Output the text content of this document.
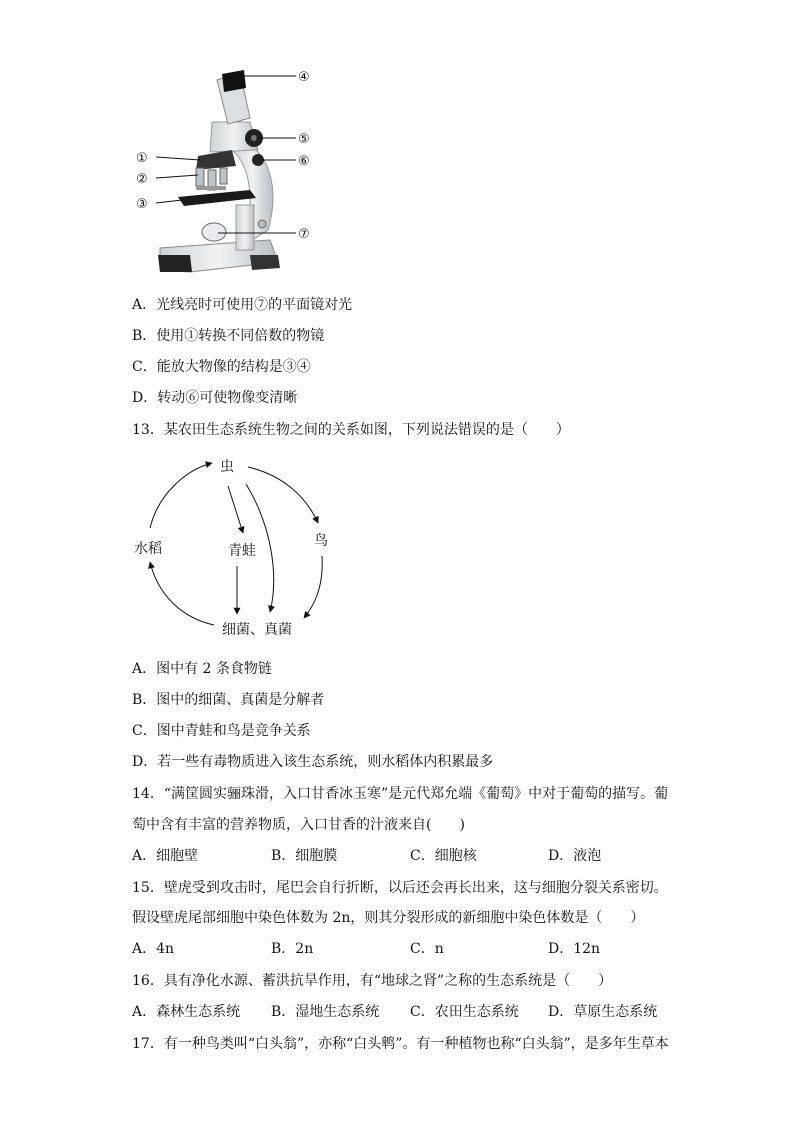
①
②
③
④
⑤
⑥
⑦
虫
水稻	青蛙
鸟
细菌、真菌
A．光线亮时可使用⑦的平面镜对光
B．使用①转换不同倍数的物镜
C．能放大物像的结构是③④
D．转动⑥可使物像变清晰
13．某农田生态系统生物之间的关系如图，下列说法错误的是（　　）
A．图中有 2 条食物链
B．图中的细菌、真菌是分解者
C．图中青蛙和鸟是竞争关系
D．若一些有毒物质进入该生态系统，则水稻体内积累最多
14．“满筐圆实骊珠滑，入口甘香冰玉寒”是元代郑允端《葡萄》中对于葡萄的描写。葡
萄中含有丰富的营养物质，入口甘香的汁液来自(　　)
A．细胞壁	B．细胞膜	C．细胞核	D．液泡
15．壁虎受到攻击时，尾巴会自行折断，以后还会再长出来，这与细胞分裂关系密切。
假设壁虎尾部细胞中染色体数为 2n，则其分裂形成的新细胞中染色体数是（　　）
A．4n	B．2n	C．n	D．12n
16．具有净化水源、蓄洪抗旱作用，有“地球之肾”之称的生态系统是（　　）
A．森林生态系统 B．湿地生态系统 C．农田生态系统 D．草原生态系统
17．有一种鸟类叫“白头翁”，亦称“白头鹎”。有一种植物也称“白头翁”，是多年生草本
